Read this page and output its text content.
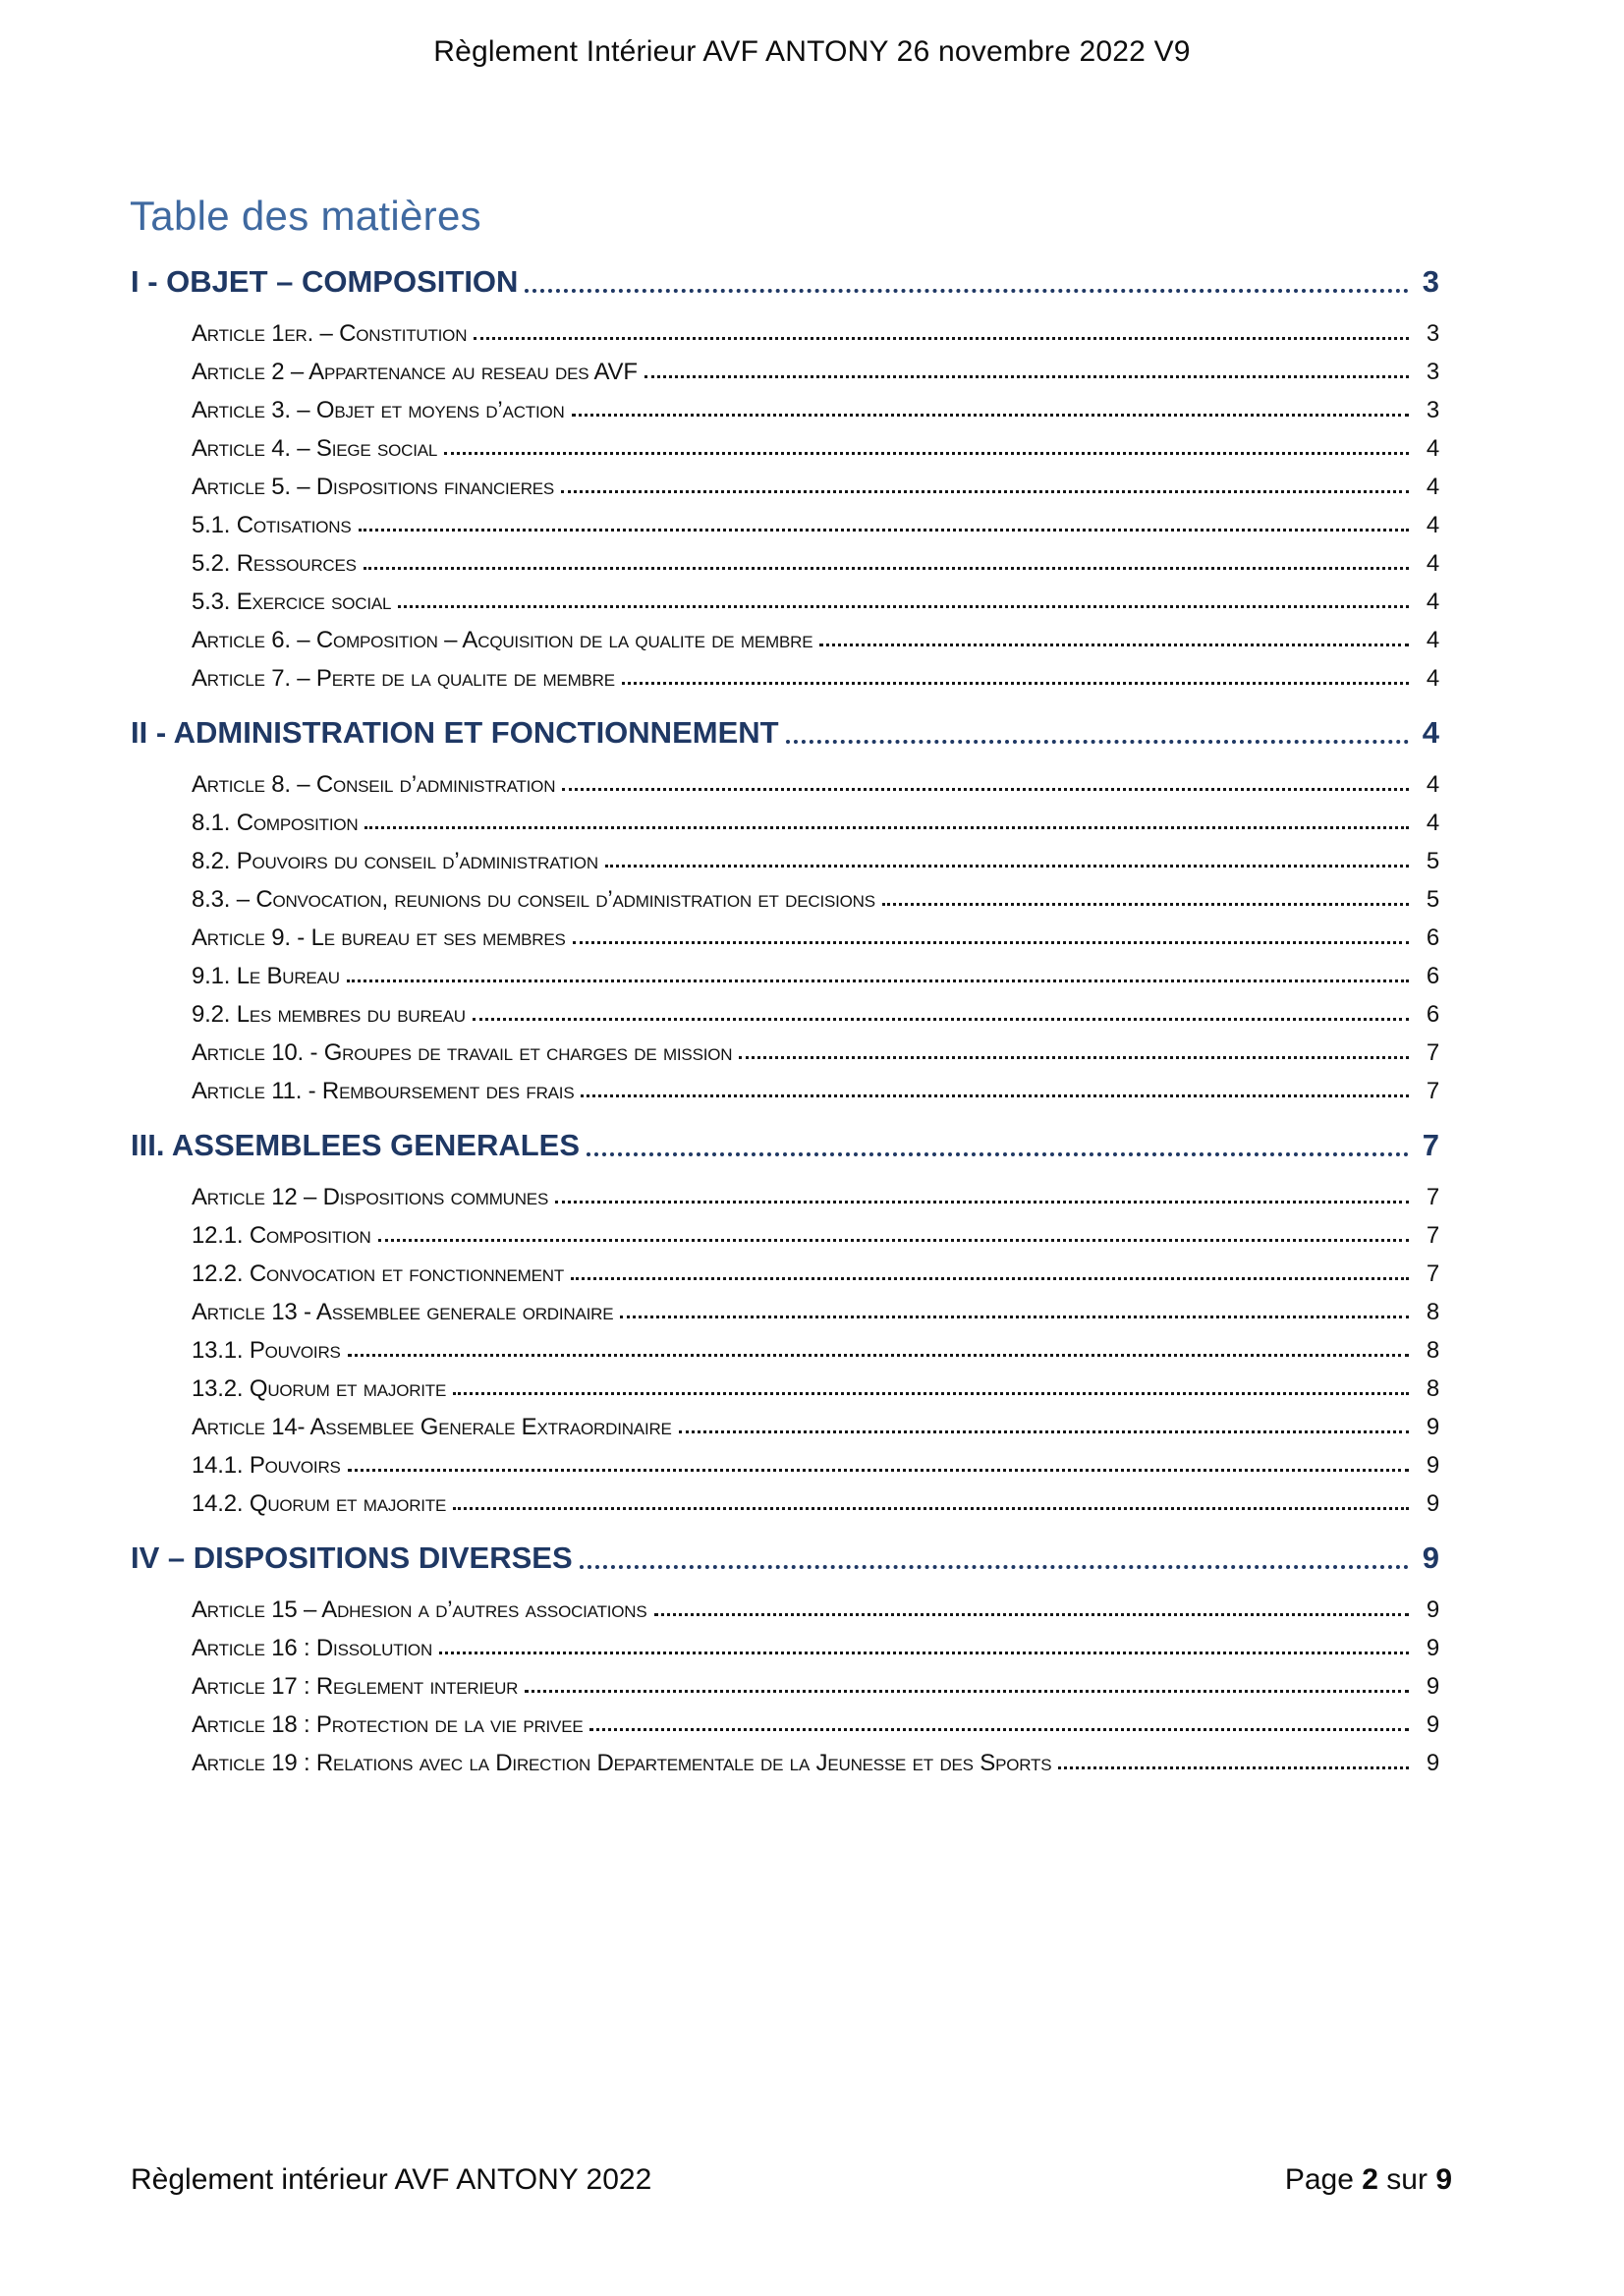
Règlement Intérieur AVF ANTONY 26 novembre 2022 V9
Table des matières
I - OBJET – COMPOSITION	3
Article 1er. – Constitution	3
Article 2 – Appartenance au reseau des AVF	3
Article 3. – Objet et moyens d’action	3
Article 4. – Siege social	4
Article 5. – Dispositions financieres	4
5.1. Cotisations	4
5.2. Ressources	4
5.3. Exercice social	4
Article 6. – Composition – Acquisition de la qualite de membre	4
Article 7. – Perte de la qualite de membre	4
II - ADMINISTRATION ET FONCTIONNEMENT	4
Article 8. – Conseil d’administration	4
8.1. Composition	4
8.2. Pouvoirs du conseil d’administration	5
8.3. – Convocation, reunions du conseil d’administration et decisions	5
Article 9. - Le bureau et ses membres	6
9.1. Le Bureau	6
9.2. Les membres du bureau	6
Article 10. - Groupes de travail et charges de mission	7
Article 11. - Remboursement des frais	7
III. ASSEMBLEES GENERALES	7
Article 12 – Dispositions communes	7
12.1. Composition	7
12.2. Convocation et fonctionnement	7
Article 13 - Assemblee generale ordinaire	8
13.1. Pouvoirs	8
13.2. Quorum et majorite	8
Article 14- Assemblee Generale Extraordinaire	9
14.1. Pouvoirs	9
14.2. Quorum et majorite	9
IV – DISPOSITIONS DIVERSES	9
Article 15 – Adhesion a d’autres associations	9
Article 16 : Dissolution	9
Article 17 : Reglement interieur	9
Article 18 : Protection de la vie privee	9
Article 19 : Relations avec la Direction Departementale de la Jeunesse et des Sports	9
Règlement intérieur AVF ANTONY 2022	Page 2 sur 9
